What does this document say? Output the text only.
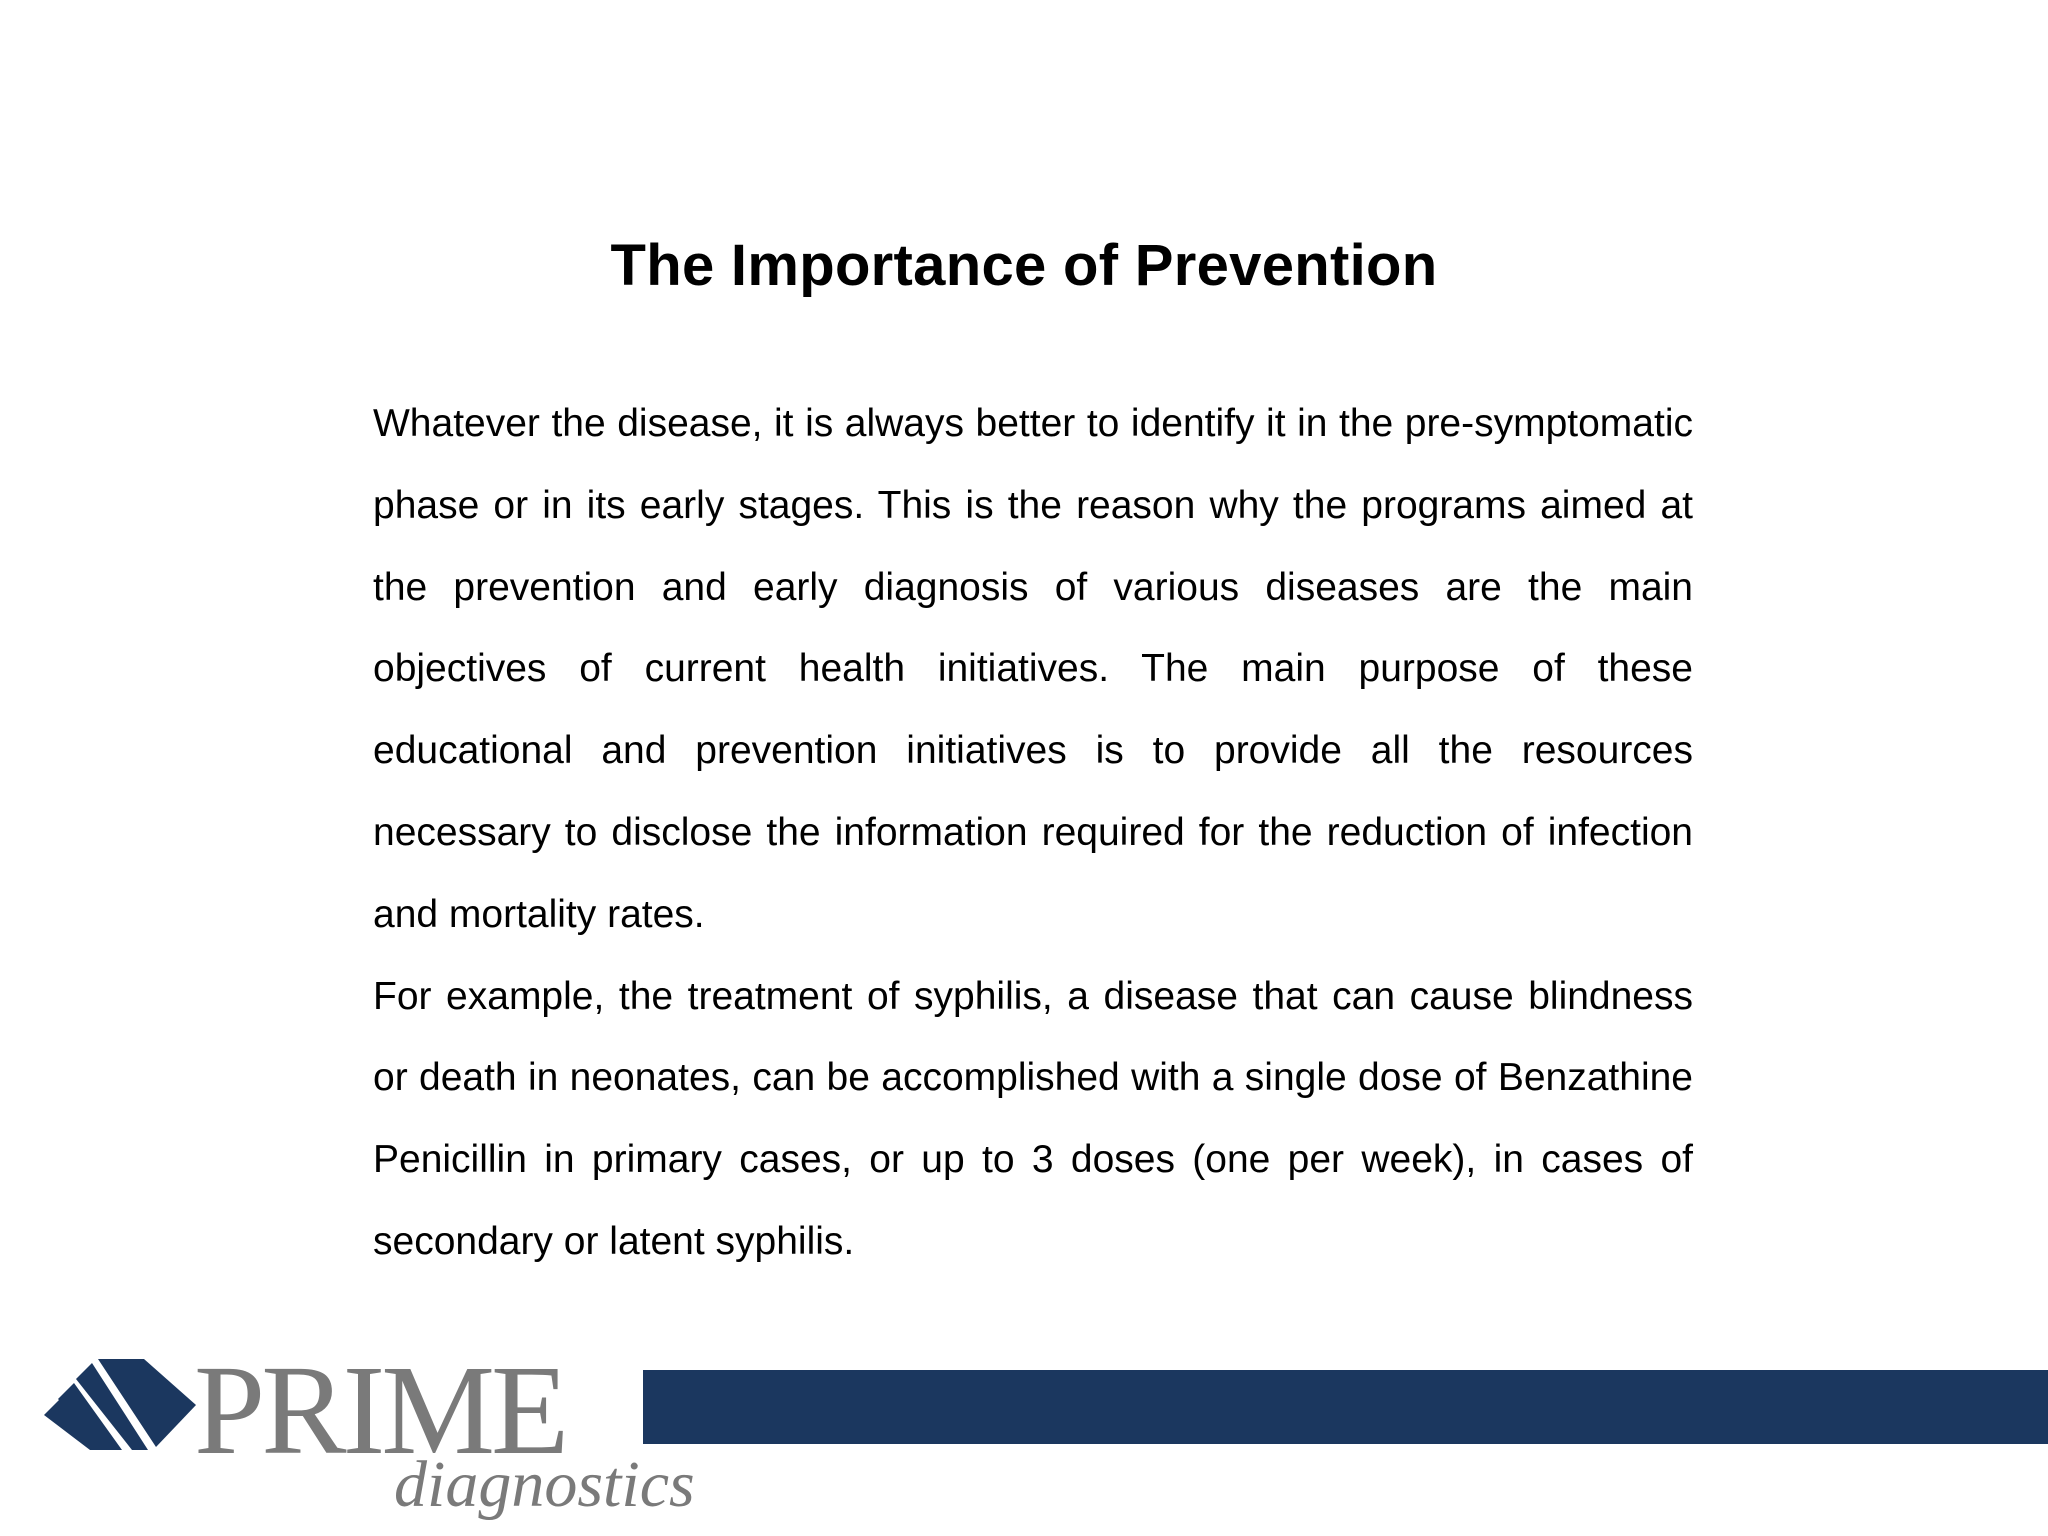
The Importance of Prevention

Whatever the disease, it is always better to identify it in the pre-symptomatic phase or in its early stages. This is the reason why the programs aimed at the prevention and early diagnosis of various diseases are the main objectives of current health initiatives. The main purpose of these educational and prevention initiatives is to provide all the resources necessary to disclose the information required for the reduction of infection and mortality rates.

For example, the treatment of syphilis, a disease that can cause blindness or death in neonates, can be accomplished with a single dose of Benzathine Penicillin in primary cases, or up to 3 doses (one per week), in cases of secondary or latent syphilis.

PRIME
diagnostics
